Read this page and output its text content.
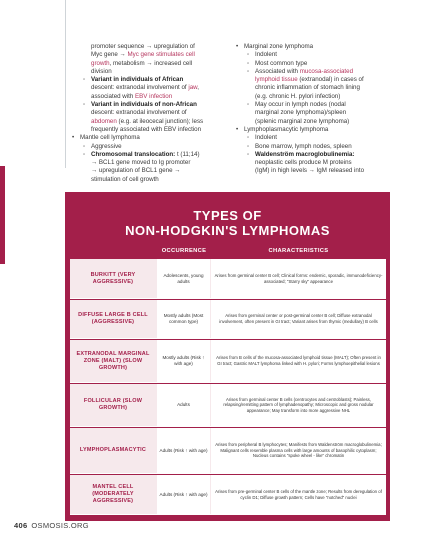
promoter sequence → upregulation of
Myc gene → Myc gene stimulates cell
growth, metabolism → increased cell
division
◦ Variant in individuals of African
descent: extranodal involvement of jaw,
associated with EBV infection
◦ Variant in individuals of non-African
descent: extranodal involvement of
abdomen (e.g. at ileocecal junction); less
frequently associated with EBV infection
• Mantle cell lymphoma
◦ Aggressive
◦ Chromosomal translocation: t (11;14)
→ BCL1 gene moved to Ig promoter
→ upregulation of BCL1 gene →
stimulation of cell growth
• Marginal zone lymphoma
◦ Indolent
◦ Most common type
◦ Associated with mucosa-associated
lymphoid tissue (extranodal) in cases of
chronic inflammation of stomach lining
(e.g. chronic H. pylori infection)
◦ May occur in lymph nodes (nodal
marginal zone lymphoma)/spleen
(splenic marginal zone lymphoma)
• Lymphoplasmacytic lymphoma
◦ Indolent
◦ Bone marrow, lymph nodes, spleen
◦ Waldenström macroglobulinemia:
neoplastic cells produce M proteins
(IgM) in high levels → IgM released into
TYPES OF
NON-HODGKIN'S LYMPHOMAS
OCCURRENCE	CHARACTERISTICS
BURKITT (VERY AGGRESSIVE)
Adolescents, young adults
Arises from germinal center B cell; Clinical forms: endemic, sporadic, immunodeficiency-associated; "Starry sky" appearance
DIFFUSE LARGE B CELL (AGGRESSIVE)
Mostly adults (Most common type)
Arises from germinal center or post-germinal center B cell; Diffuse extranodal involvement, often present in GI tract; Variant arises from thymic (medullary) B cells
EXTRANODAL MARGINAL ZONE (MALT) (SLOW GROWTH)
Mostly adults (Risk ↑ with age)
Arises from B cells of the mucosa-associated lymphoid tissue (MALT); Often present in GI tract; Gastric MALT lymphoma linked with H. pylori; Forms lymphoepithelial lesions
FOLLICULAR (SLOW GROWTH)
Adults
Arises from germinal center B cells (centrocytes and centroblasts); Painless, relapsing/remitting pattern of lymphadenopathy; Microscopic and gross nodular appearance; May transform into more aggressive NHL
LYMPHOPLASMACYTIC	Adults (Risk ↑ with age)
Arises from peripheral B lymphocytes; Manifests from Waldenström macroglobulinemia; Malignant cells resemble plasma cells with large amounts of basophilic cytoplasm; Nucleus contains "spoke wheel - like" chromatin
MANTEL CELL (MODERATELY AGGRESSIVE)
Adults (Risk ↑ with age)
Arises from pre-germinal center B cells of the mantle zone; Results from deregulation of cyclin D1; Diffuse growth pattern; Cells have "notched" nuclei
406 OSMOSIS.ORG
